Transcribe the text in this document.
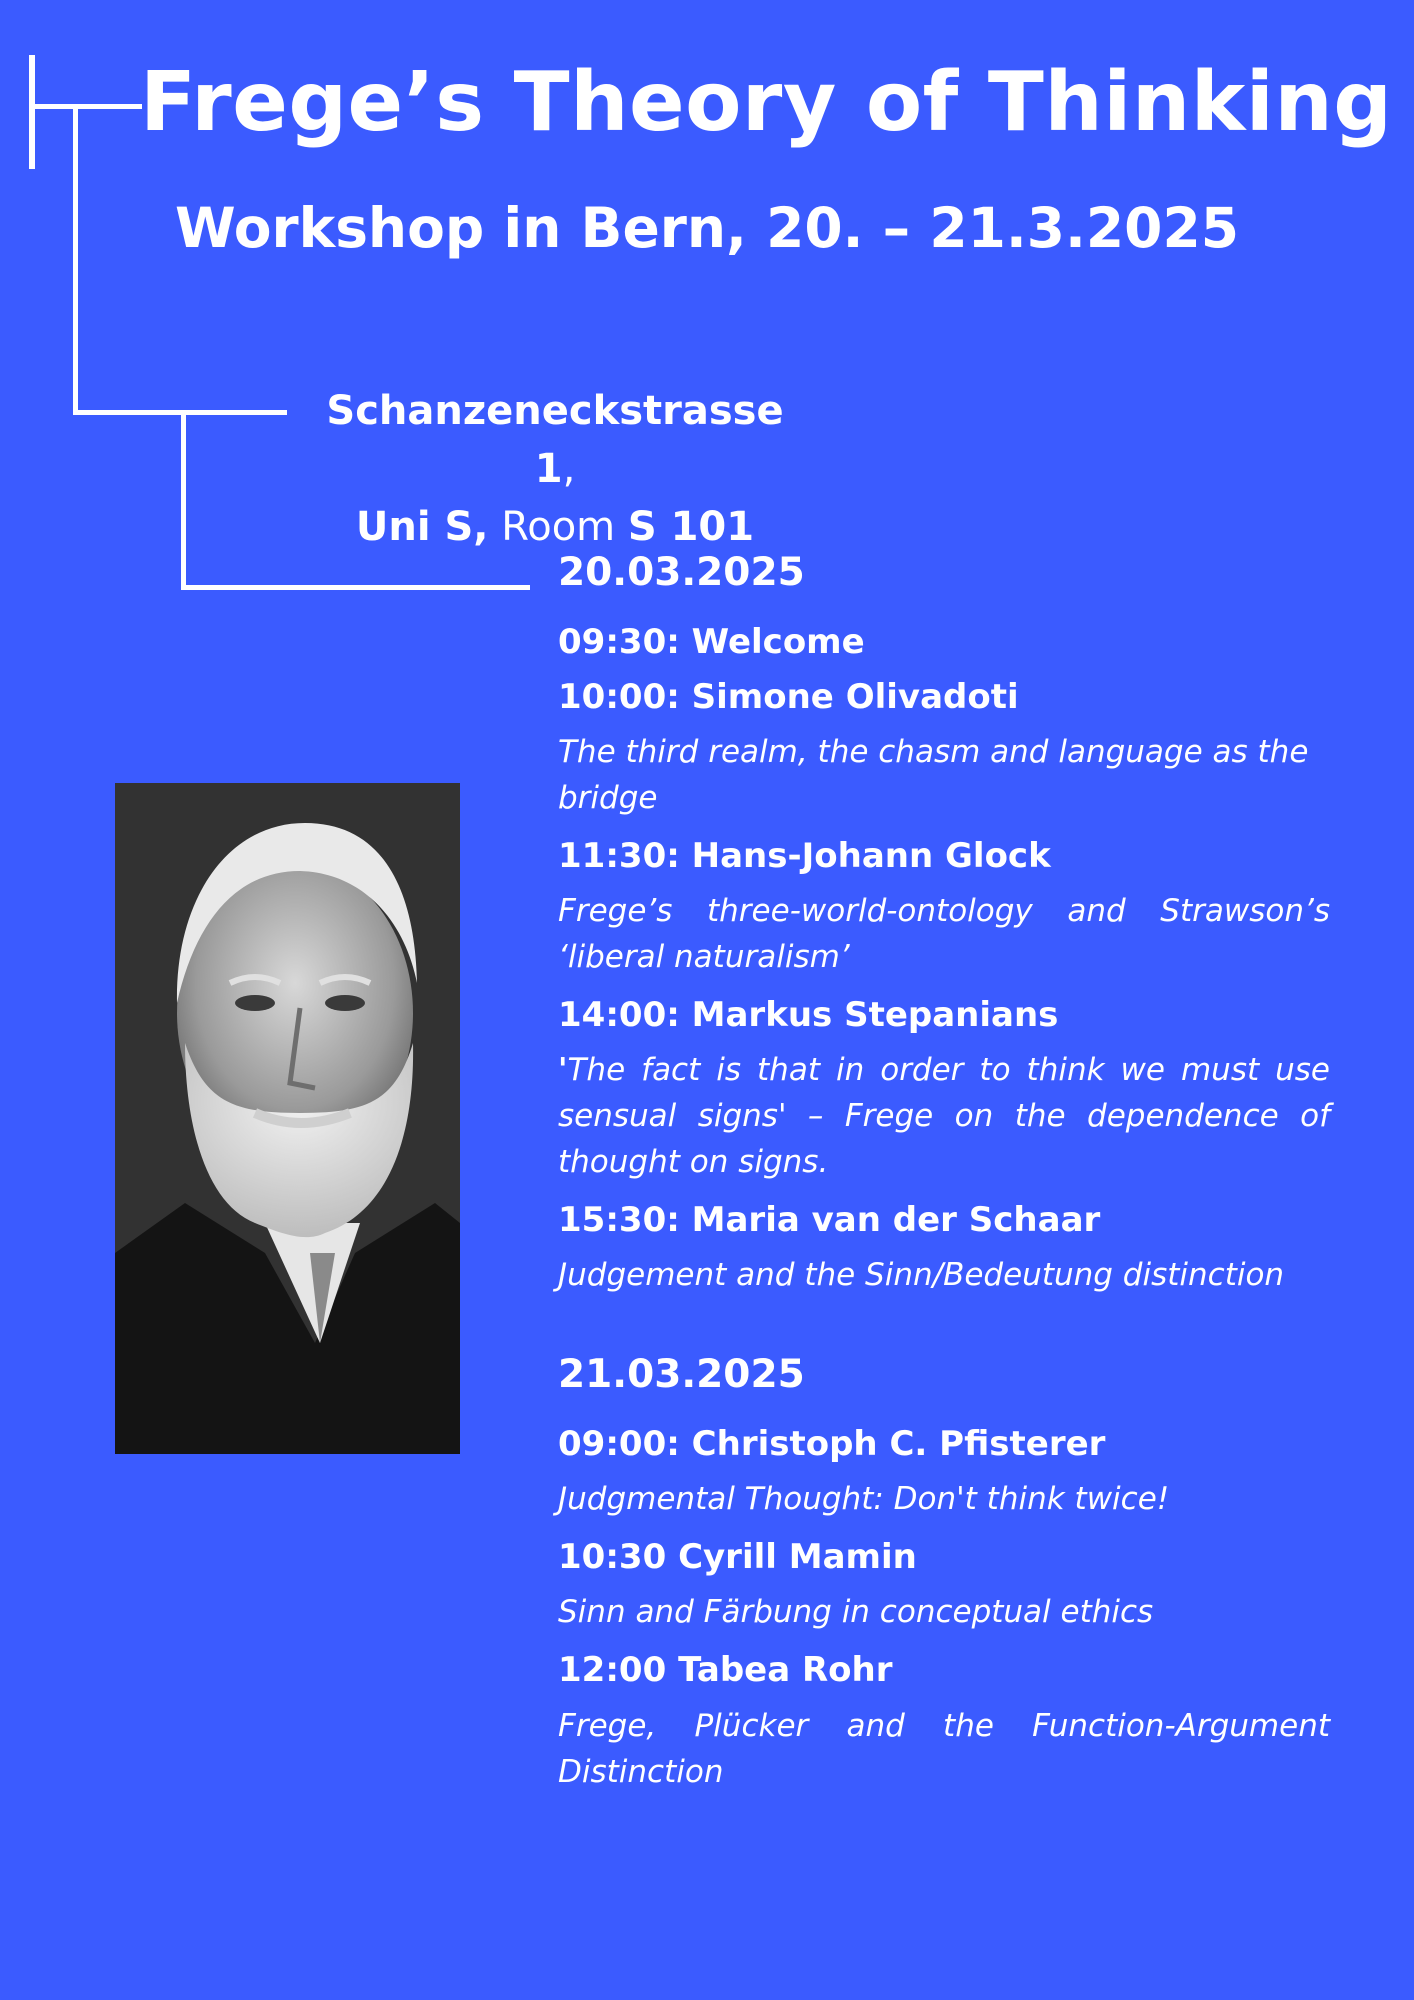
Frege’s Theory of Thinking
Workshop in Bern, 20. – 21.3.2025
Schanzeneckstrasse 1,
Uni S, Room S 101
20.03.2025
09:30: Welcome
10:00: Simone Olivadoti
The third realm, the chasm and language as the bridge
11:30: Hans-Johann Glock
Frege’s three-world-ontology and Strawson’s ‘liberal naturalism’
14:00: Markus Stepanians
'The fact is that in order to think we must use sensual signs' – Frege on the dependence of thought on signs.
15:30: Maria van der Schaar
Judgement and the Sinn/Bedeutung distinction
21.03.2025
09:00: Christoph C. Pfisterer
Judgmental Thought: Don't think twice!
10:30 Cyrill Mamin
Sinn and Färbung in conceptual ethics
12:00 Tabea Rohr
Frege, Plücker and the Function-Argument Distinction
